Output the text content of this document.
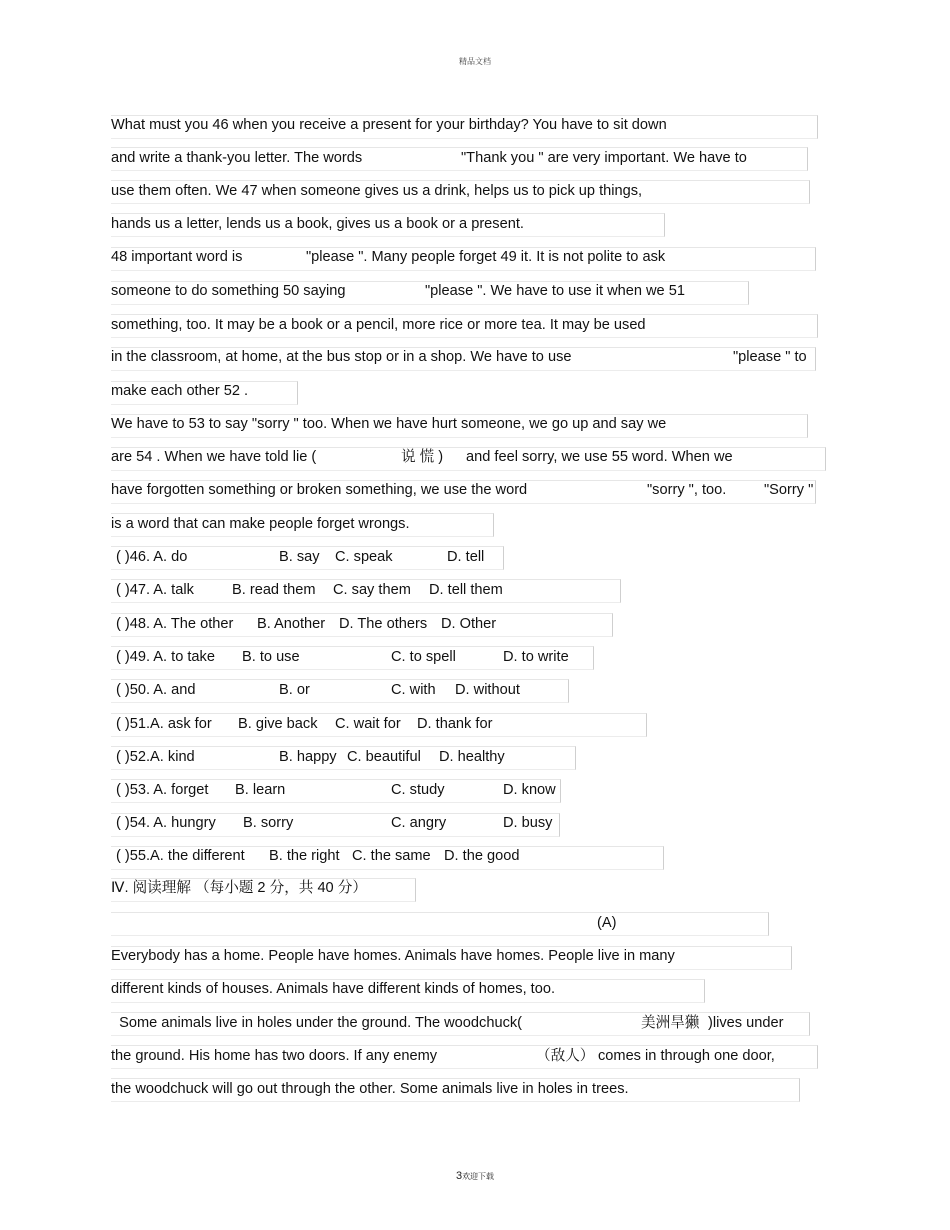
精品文档
What must you 46 when you receive a present for your birthday? You have to sit down
and write a thank-you letter. The words	"Thank you " are very important. We have to
use them often. We 47 when someone gives us a drink, helps us to pick up things,
hands us a letter, lends us a book, gives us a book or a present.
48 important word is	"please ". Many people forget 49 it. It is not polite to ask
someone to do something 50 saying	"please ". We have to use it when we 51
something, too. It may be a book or a pencil, more rice or more tea. It may be used
in the classroom, at home, at the bus stop or in a shop. We have to use	"please " to
make each other 52 .
We have to 53 to say "sorry " too. When we have hurt someone, we go up and say we
are 54 . When we have told lie (	说 慌 ) and feel sorry, we use 55 word. When we
have forgotten something or broken something, we use the word	"sorry ", too.	"Sorry "
is a word that can make people forget wrongs.
( )46. A. do	B. say C. speak	D. tell
( )47. A. talk	B. read them C. say them D. tell them
( )48. A. The other B. Another D. The others D. Other
( )49. A. to take B. to use	C. to spell	D. to write
( )50. A. and	B. or	C. with D. without
( )51.A. ask for B. give back C. wait for D. thank for
( )52.A. kind	B. happy C. beautiful D. healthy
( )53. A. forget B. learn	C. study	D. know
( )54. A. hungry B. sorry	C. angry	D. busy
( )55.A. the different B. the right C. the same D. the good
Ⅳ. 阅读理解 （每小题 2 分，共 40 分）
(A)
Everybody has a home. People have homes. Animals have homes. People live in many
different kinds of houses. Animals have different kinds of homes, too.
Some animals live in holes under the ground. The woodchuck(	美洲旱獭 )lives under
the ground. His home has two doors. If any enemy	（敌人） comes in through one door,
the woodchuck will go out through the other. Some animals live in holes in trees.
3欢迎下载
